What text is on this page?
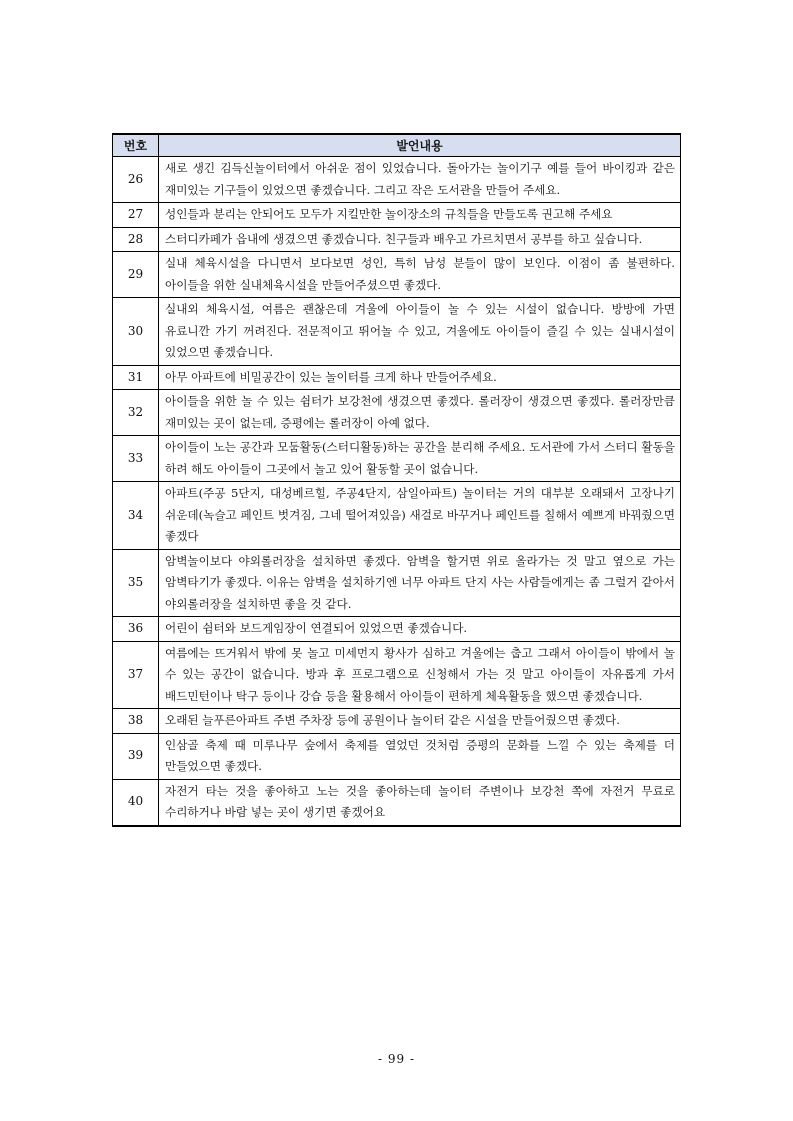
번호	발언내용
26	새로 생긴 김득신놀이터에서 아쉬운 점이 있었습니다. 돌아가는 놀이기구 예를 들어 바이킹과 같은 재미있는 기구들이 있었으면 좋겠습니다. 그리고 작은 도서관을 만들어 주세요.
27	성인들과 분리는 안되어도 모두가 지킬만한 놀이장소의 규칙들을 만들도록 권고해 주세요
28	스터디카페가 읍내에 생겼으면 좋겠습니다. 친구들과 배우고 가르치면서 공부를 하고 싶습니다.
29	실내 체육시설을 다니면서 보다보면 성인, 특히 남성 분들이 많이 보인다. 이점이 좀 불편하다. 아이들을 위한 실내체육시설을 만들어주셨으면 좋겠다.
30	실내외 체육시설, 여름은 괜찮은데 겨울에 아이들이 놀 수 있는 시설이 없습니다. 방방에 가면 유료니깐 가기 꺼려진다. 전문적이고 뛰어놀 수 있고, 겨울에도 아이들이 즐길 수 있는 실내시설이 있었으면 좋겠습니다.
31	아무 아파트에 비밀공간이 있는 놀이터를 크게 하나 만들어주세요.
32	아이들을 위한 놀 수 있는 쉼터가 보강천에 생겼으면 좋겠다. 롤러장이 생겼으면 좋겠다. 롤러장만큼 재미있는 곳이 없는데, 증평에는 롤러장이 아예 없다.
33	아이들이 노는 공간과 모둠활동(스터디활동)하는 공간을 분리해 주세요. 도서관에 가서 스터디 활동을 하려 해도 아이들이 그곳에서 놀고 있어 활동할 곳이 없습니다.
34	아파트(주공 5단지, 대성베르힐, 주공4단지, 삼일아파트) 놀이터는 거의 대부분 오래돼서 고장나기 쉬운데(녹슬고 페인트 벗겨짐, 그네 떨어져있음) 새걸로 바꾸거나 페인트를 칠해서 예쁘게 바꿔줬으면 좋겠다
35	암벽놀이보다 야외롤러장을 설치하면 좋겠다. 암벽을 할거면 위로 올라가는 것 말고 옆으로 가는 암벽타기가 좋겠다. 이유는 암벽을 설치하기엔 너무 아파트 단지 사는 사람들에게는 좀 그럴거 같아서 야외롤러장을 설치하면 좋을 것 같다.
36	어린이 쉼터와 보드게임장이 연결되어 있었으면 좋겠습니다.
37	여름에는 뜨거워서 밖에 못 놀고 미세먼지 황사가 심하고 겨울에는 춥고 그래서 아이들이 밖에서 놀 수 있는 공간이 없습니다. 방과 후 프로그램으로 신청해서 가는 것 말고 아이들이 자유롭게 가서 배드민턴이나 탁구 등이나 강습 등을 활용해서 아이들이 편하게 체육활동을 했으면 좋겠습니다.
38	오래된 늘푸른아파트 주변 주차장 등에 공원이나 놀이터 같은 시설을 만들어줬으면 좋겠다.
39	인삼골 축제 때 미루나무 숲에서 축제를 열었던 것처럼 증평의 문화를 느낄 수 있는 축제를 더 만들었으면 좋겠다.
40	자전거 타는 것을 좋아하고 노는 것을 좋아하는데 놀이터 주변이나 보강천 쪽에 자전거 무료로 수리하거나 바람 넣는 곳이 생기면 좋겠어요
- 99 -
